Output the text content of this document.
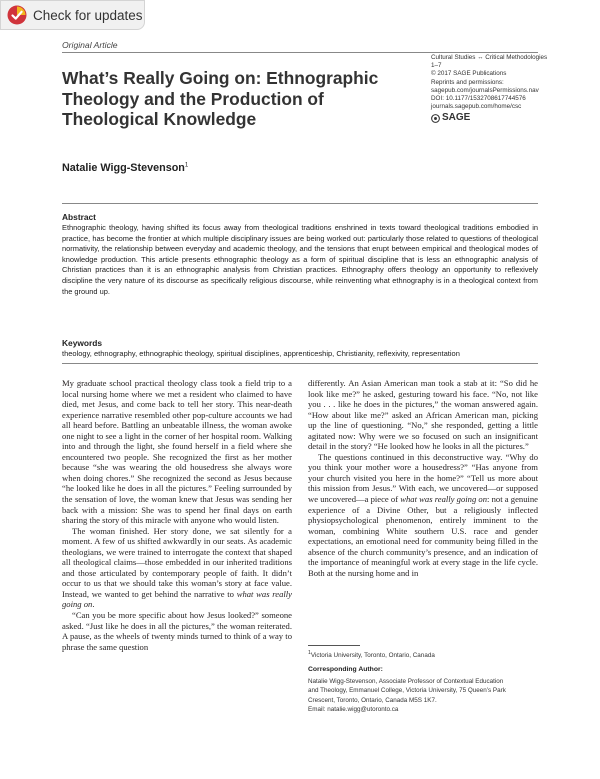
Check for updates
Original Article
What’s Really Going on: Ethnographic Theology and the Production of Theological Knowledge
Cultural Studies ↔ Critical Methodologies
1–7
© 2017 SAGE Publications
Reprints and permissions:
sagepub.com/journalsPermissions.nav
DOI: 10.1177/1532708617744576
journals.sagepub.com/home/csc
SAGE
Natalie Wigg-Stevenson$^1$
Abstract

Ethnographic theology, having shifted its focus away from theological traditions enshrined in texts toward theological traditions embodied in practice, has become the frontier at which multiple disciplinary issues are being worked out: particularly those related to questions of theological normativity, the relationship between everyday and academic theology, and the tensions that erupt between empirical and theological modes of knowledge production. This article presents ethnographic theology as a form of spiritual discipline that is less an ethnographic analysis of Christian practices than it is an ethnographic analysis from Christian practices. Ethnography offers theology an opportunity to reflexively discipline the very nature of its discourse as specifically religious discourse, while reinventing what ethnography is in a theological context from the ground up.

Keywords
theology, ethnography, ethnographic theology, spiritual disciplines, apprenticeship, Christianity, reflexivity, representation

My graduate school practical theology class took a field trip to a local nursing home where we met a resident who claimed to have died, met Jesus, and come back to tell her story. This near-death experience narrative resembled other pop-culture accounts we had all heard before. Battling an unbeatable illness, the woman awoke one night to see a light in the corner of her hospital room. Walking into and through the light, she found herself in a field where she encountered two people. She recognized the first as her mother because “she was wearing the old housedress she always wore when doing chores.” She recognized the second as Jesus because “he looked like he does in all the pictures.” Feeling surrounded by the sensation of love, the woman knew that Jesus was sending her back with a mission: She was to spend her final days on earth sharing the story of this miracle with anyone who would listen.

The woman finished. Her story done, we sat silently for a moment. A few of us shifted awkwardly in our seats. As academic theologians, we were trained to interrogate the context that shaped all theological claims—those embedded in our inherited traditions and those articulated by contemporary people of faith. It didn’t occur to us that we should take this woman’s story at face value. Instead, we wanted to get behind the narrative to what was really going on.

“Can you be more specific about how Jesus looked?” someone asked. “Just like he does in all the pictures,” the woman reiterated. A pause, as the wheels of twenty minds turned to think of a way to phrase the same question

differently. An Asian American man took a stab at it: “So did he look like me?” he asked, gesturing toward his face. “No, not like you . . . like he does in the pictures,” the woman answered again. “How about like me?” asked an African American man, picking up the line of questioning. “No,” she responded, getting a little agitated now: Why were we so focused on such an insignificant detail in the story? “He looked how he looks in all the pictures.”

The questions continued in this deconstructive way. “Why do you think your mother wore a housedress?” “Has anyone from your church visited you here in the home?” “Tell us more about this mission from Jesus.” With each, we uncovered—or supposed we uncovered—a piece of what was really going on: not a genuine experience of a Divine Other, but a religiously inflected physiopsychological phenomenon, entirely imminent to the woman, combining White southern U.S. race and gender expectations, an emotional need for community being filled in the absence of the church community’s presence, and an indication of the importance of meaningful work at every stage in the life cycle. Both at the nursing home and in

$^1$Victoria University, Toronto, Ontario, Canada
Corresponding Author:
Natalie Wigg-Stevenson, Associate Professor of Contextual Education
and Theology, Emmanuel College, Victoria University, 75 Queen’s Park
Crescent, Toronto, Ontario, Canada M5S 1K7.
Email: natalie.wigg@utoronto.ca
